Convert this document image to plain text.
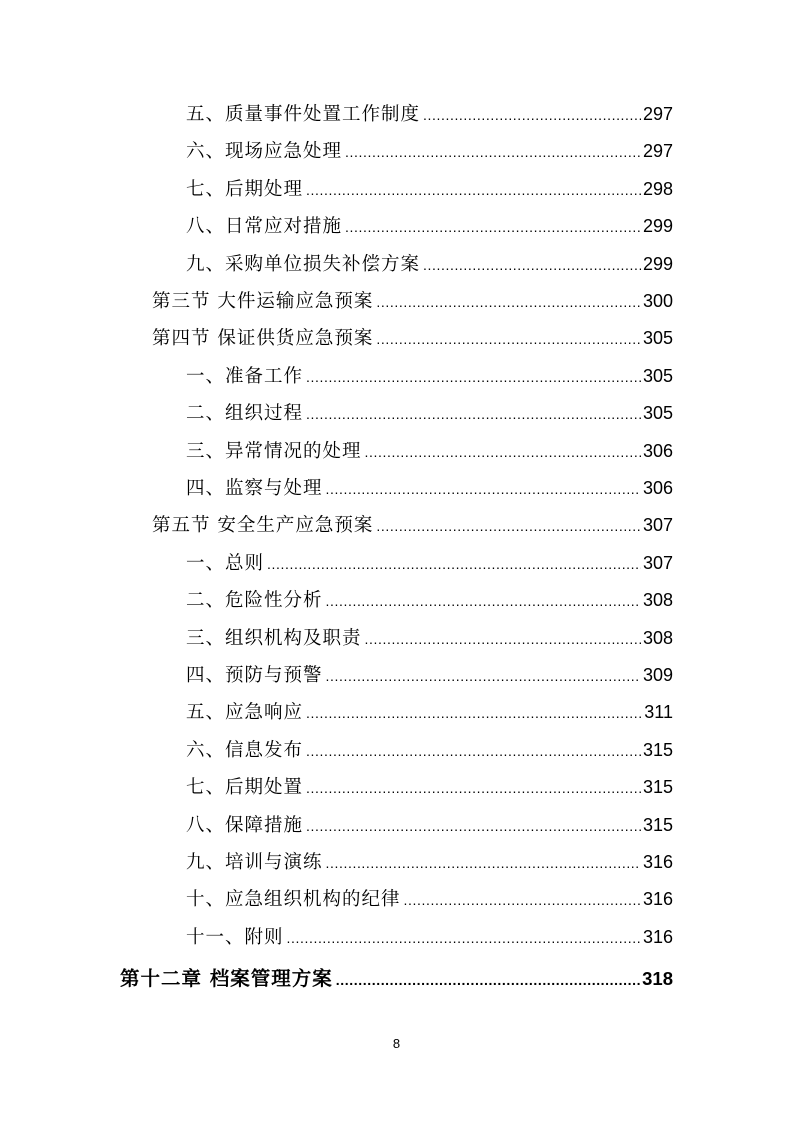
五、质量事件处置工作制度 .....	297
六、现场应急处理 .....	297
七、后期处理 .....	298
八、日常应对措施 .....	299
九、采购单位损失补偿方案 .....	299
第三节 大件运输应急预案 .....	300
第四节 保证供货应急预案 .....	305
一、准备工作 .....	305
二、组织过程 .....	305
三、异常情况的处理 .....	306
四、监察与处理 .....	306
第五节 安全生产应急预案 .....	307
一、总则 .....	307
二、危险性分析 .....	308
三、组织机构及职责 .....	308
四、预防与预警 .....	309
五、应急响应 .....	311
六、信息发布 .....	315
七、后期处置 .....	315
八、保障措施 .....	315
九、培训与演练 .....	316
十、应急组织机构的纪律 .....	316
十一、附则 .....	316
第十二章 档案管理方案 .....	318
8
